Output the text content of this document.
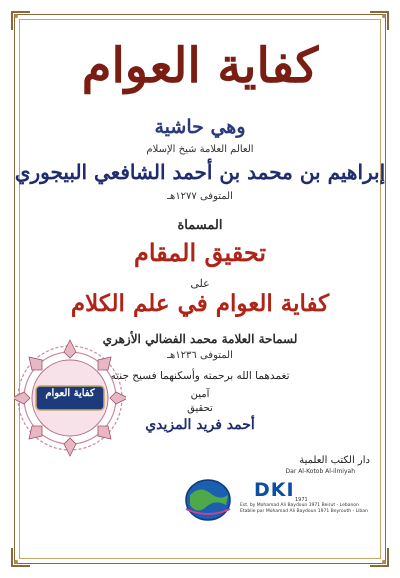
كفاية العوام
وهي حاشية
العالم العلامة شيخ الإسلام
إبراهيم بن محمد بن أحمد الشافعي البيجوري
المتوفى ١٢٧٧هـ
المسماة
تحقيق المقام
على
كفاية العوام في علم الكلام
لسماحة العلامة محمد الفضالي الأزهري
المتوفى ١٢٣٦هـ
تغمدهما الله برحمته وأسكنهما فسيح جنته
آمين
تحقيق
أحمد فريد المزيدي
كفاية العوام
دار الكتب العلمية
Dar Al-Kotob Al-ilmiyah
DKI 1971
Est. by Mohamad Ali Baydoun 1971 Beirut - Lebanon
Etablie par Mohamad Ali Baydoun 1971 Beyrouth - Liban
